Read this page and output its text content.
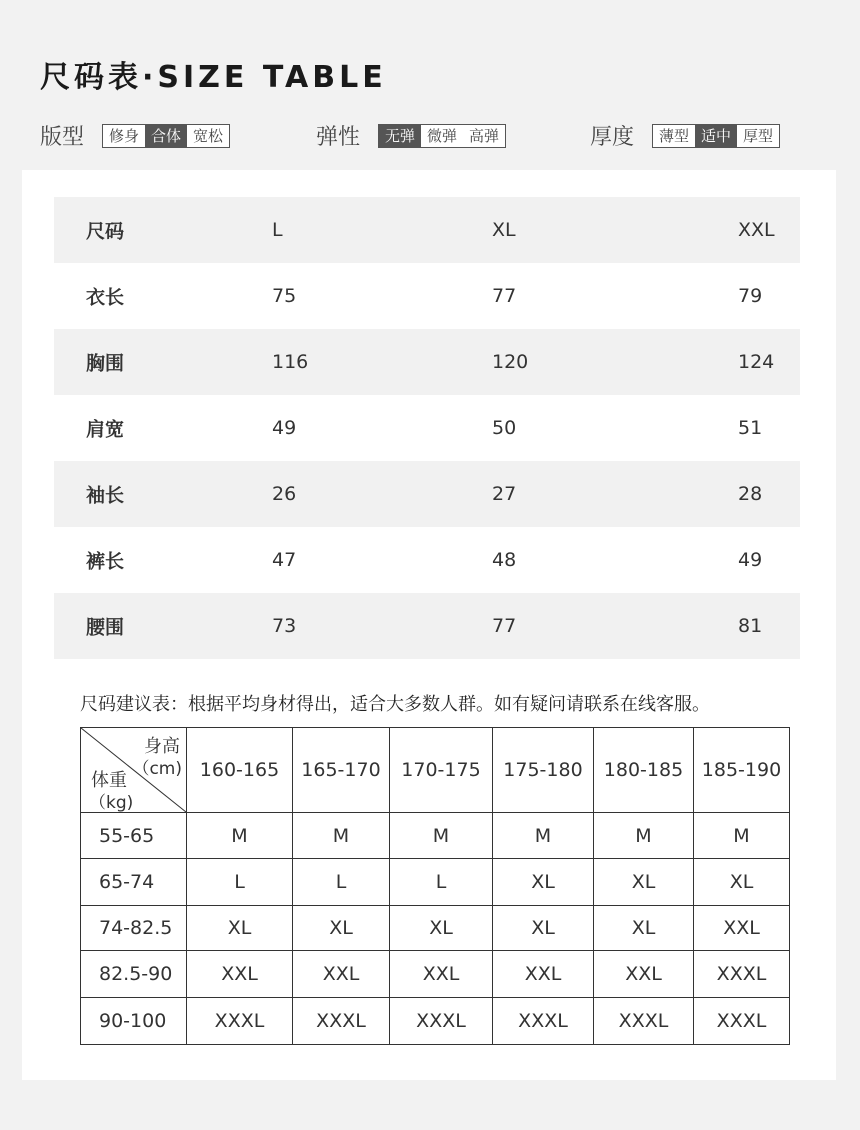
尺码表·SIZE TABLE
版型	修身 合体 宽松	弹性	无弹 微弹 高弹	厚度	薄型 适中 厚型
尺码	L	XL	XXL
衣长	75	77	79
胸围	116	120	124
肩宽	49	50	51
袖长	26	27	28
裤长	47	48	49
腰围	73	77	81
尺码建议表：根据平均身材得出，适合大多数人群。如有疑问请联系在线客服。
身高
（cm)
体重
（kg)	160-165	165-170	170-175	175-180	180-185	185-190
55-65	M	M	M	M	M	M
65-74	L	L	L	XL	XL	XL
74-82.5	XL	XL	XL	XL	XL	XXL
82.5-90	XXL	XXL	XXL	XXL	XXL	XXXL
90-100	XXXL	XXXL	XXXL	XXXL	XXXL	XXXL
